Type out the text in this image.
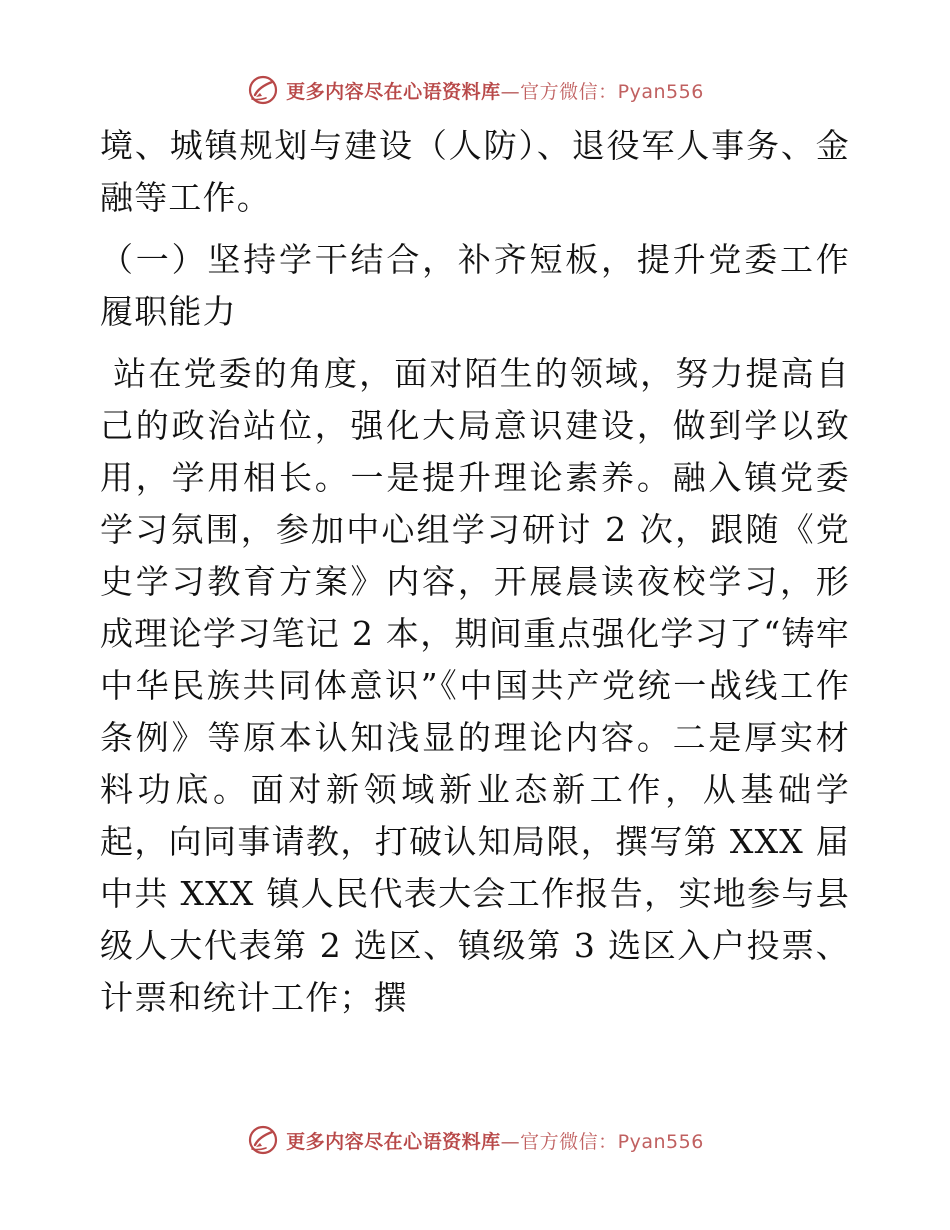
更多内容尽在心语资料库—官方微信：Pyan556

境、城镇规划与建设（人防）、退役军人事务、金融等工作。

（一）坚持学干结合，补齐短板，提升党委工作履职能力

站在党委的角度，面对陌生的领域，努力提高自己的政治站位，强化大局意识建设，做到学以致用，学用相长。一是提升理论素养。融入镇党委学习氛围，参加中心组学习研讨 2 次，跟随《党史学习教育方案》内容，开展晨读夜校学习，形成理论学习笔记 2 本，期间重点强化学习了“铸牢中华民族共同体意识”《中国共产党统一战线工作条例》等原本认知浅显的理论内容。二是厚实材料功底。面对新领域新业态新工作，从基础学起，向同事请教，打破认知局限，撰写第 XXX 届中共 XXX 镇人民代表大会工作报告，实地参与县级人大代表第 2 选区、镇级第 3 选区入户投票、计票和统计工作；撰

更多内容尽在心语资料库—官方微信：Pyan556
